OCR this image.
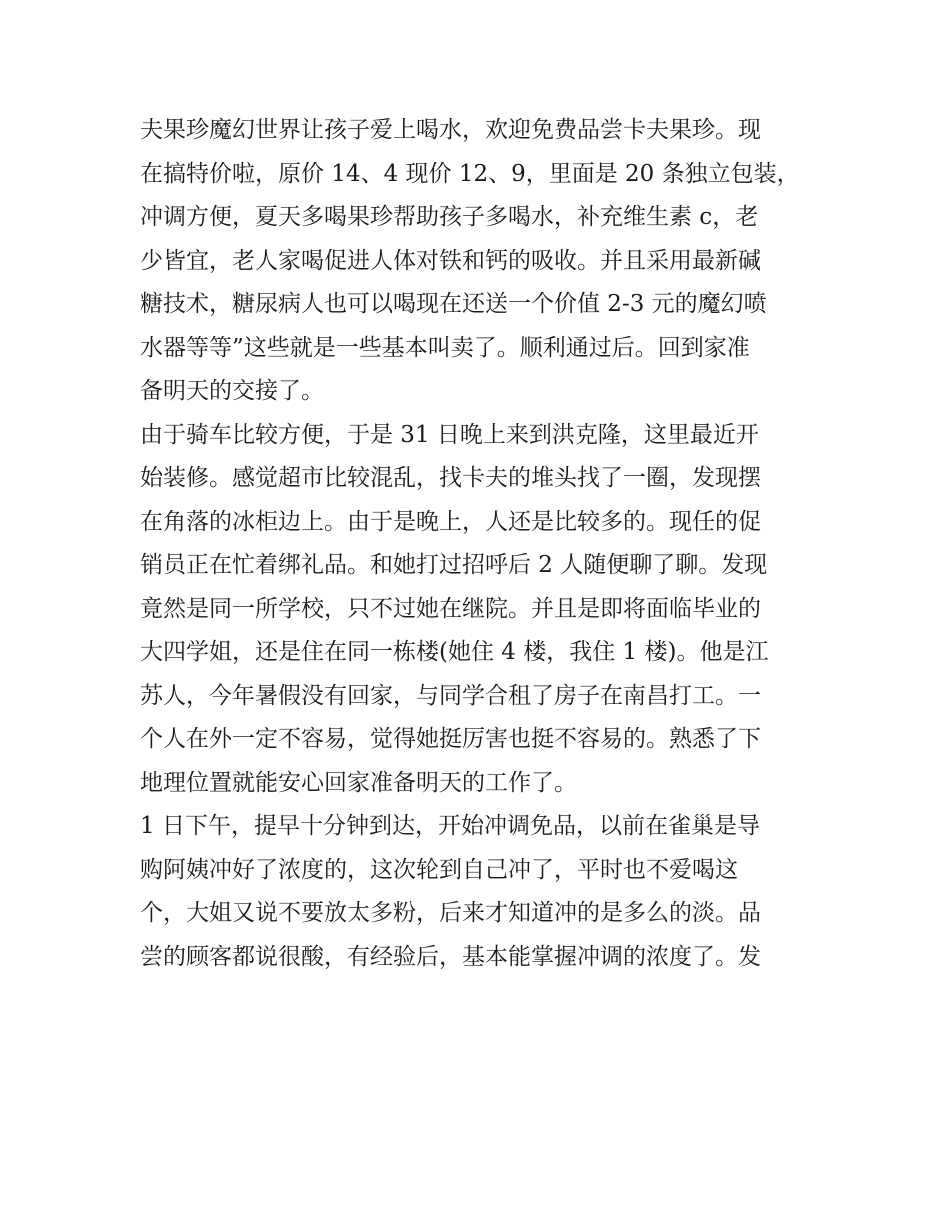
夫果珍魔幻世界让孩子爱上喝水，欢迎免费品尝卡夫果珍。现
在搞特价啦，原价 14、4 现价 12、9，里面是 20 条独立包装，
冲调方便，夏天多喝果珍帮助孩子多喝水，补充维生素 c，老
少皆宜，老人家喝促进人体对铁和钙的吸收。并且采用最新碱
糖技术，糖尿病人也可以喝现在还送一个价值 2-3 元的魔幻喷
水器等等”这些就是一些基本叫卖了。顺利通过后。回到家准
备明天的交接了。
由于骑车比较方便，于是 31 日晚上来到洪克隆，这里最近开
始装修。感觉超市比较混乱，找卡夫的堆头找了一圈，发现摆
在角落的冰柜边上。由于是晚上，人还是比较多的。现任的促
销员正在忙着绑礼品。和她打过招呼后 2 人随便聊了聊。发现
竟然是同一所学校，只不过她在继院。并且是即将面临毕业的
大四学姐，还是住在同一栋楼(她住 4 楼，我住 1 楼)。他是江
苏人，今年暑假没有回家，与同学合租了房子在南昌打工。一
个人在外一定不容易，觉得她挺厉害也挺不容易的。熟悉了下
地理位置就能安心回家准备明天的工作了。
1 日下午，提早十分钟到达，开始冲调免品，以前在雀巢是导
购阿姨冲好了浓度的，这次轮到自己冲了，平时也不爱喝这
个，大姐又说不要放太多粉，后来才知道冲的是多么的淡。品
尝的顾客都说很酸，有经验后，基本能掌握冲调的浓度了。发
